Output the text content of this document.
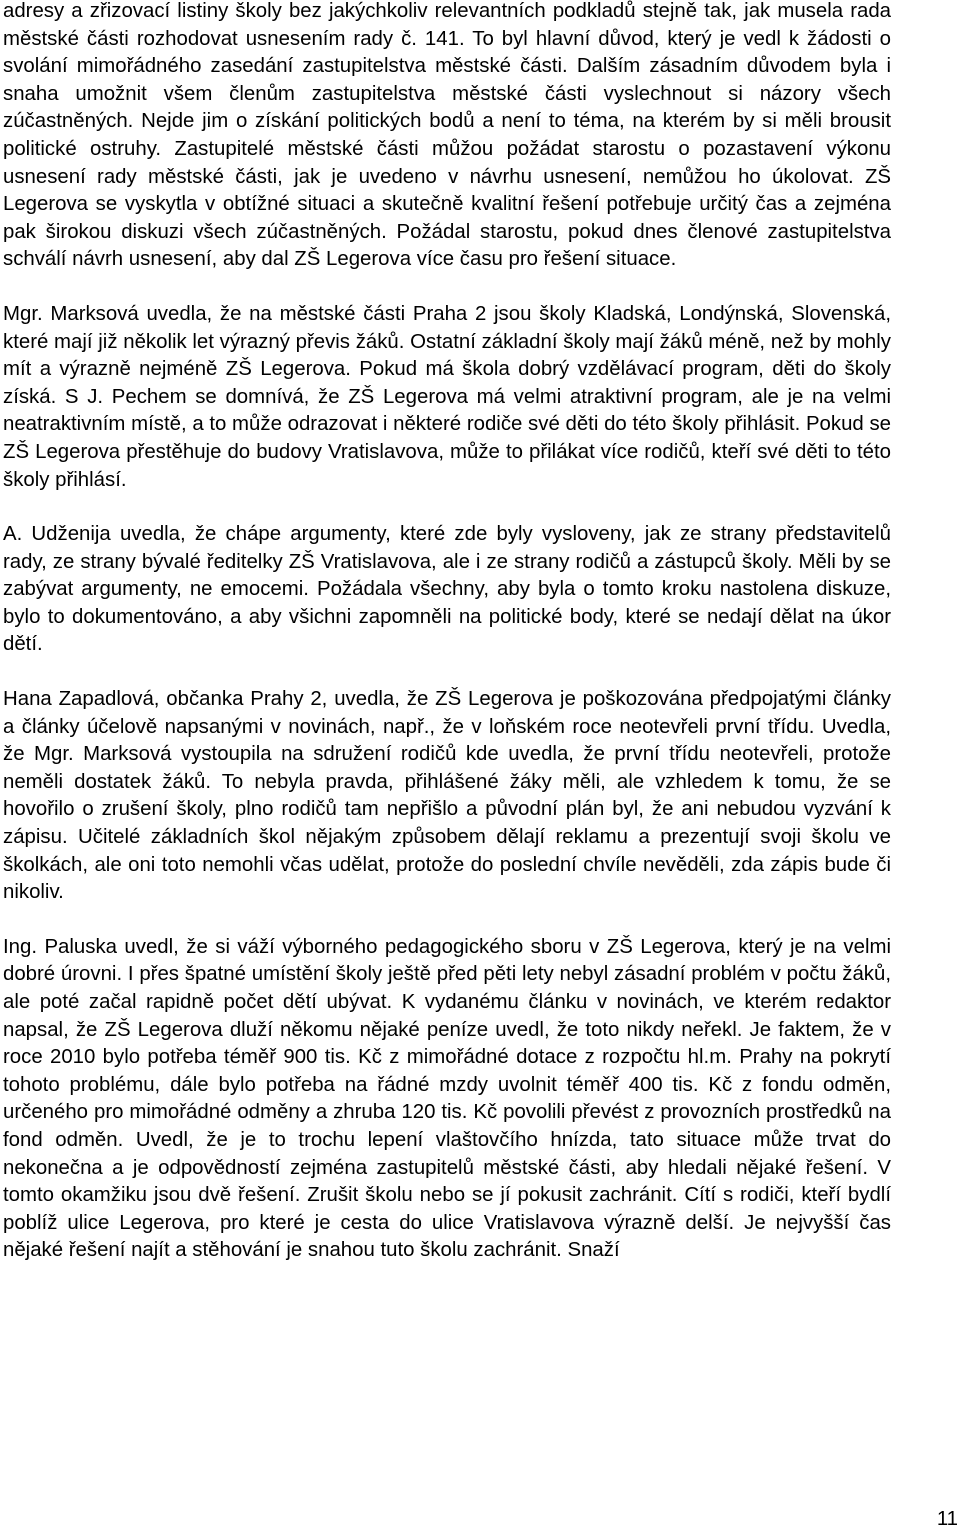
adresy a zřizovací listiny školy bez jakýchkoliv relevantních podkladů stejně tak, jak musela rada městské části rozhodovat usnesením rady č. 141. To byl hlavní důvod, který je vedl k žádosti o svolání mimořádného zasedání zastupitelstva městské části. Dalším zásadním důvodem byla i snaha umožnit všem členům zastupitelstva městské části vyslechnout si názory všech zúčastněných. Nejde jim o získání politických bodů a není to téma, na kterém by si měli brousit politické ostruhy. Zastupitelé městské části můžou požádat starostu o pozastavení výkonu usnesení rady městské části, jak je uvedeno v návrhu usnesení, nemůžou ho úkolovat. ZŠ Legerova se vyskytla v obtížné situaci a skutečně kvalitní řešení potřebuje určitý čas a zejména pak širokou diskuzi všech zúčastněných. Požádal starostu, pokud dnes členové zastupitelstva schválí návrh usnesení, aby dal ZŠ Legerova více času pro řešení situace.

Mgr. Marksová uvedla, že na městské části Praha 2 jsou školy Kladská, Londýnská, Slovenská, které mají již několik let výrazný převis žáků. Ostatní základní školy mají žáků méně, než by mohly mít a výrazně nejméně ZŠ Legerova. Pokud má škola dobrý vzdělávací program, děti do školy získá. S J. Pechem se domnívá, že ZŠ Legerova má velmi atraktivní program, ale je na velmi neatraktivním místě, a to může odrazovat i některé rodiče své děti do této školy přihlásit. Pokud se ZŠ Legerova přestěhuje do budovy Vratislavova, může to přilákat více rodičů, kteří své děti to této školy přihlásí.

A. Udženija uvedla, že chápe argumenty, které zde byly vysloveny, jak ze strany představitelů rady, ze strany bývalé ředitelky ZŠ Vratislavova, ale i ze strany rodičů a zástupců školy. Měli by se zabývat argumenty, ne emocemi. Požádala všechny, aby byla o tomto kroku nastolena diskuze, bylo to dokumentováno, a aby všichni zapomněli na politické body, které se nedají dělat na úkor dětí.

Hana Zapadlová, občanka Prahy 2, uvedla, že ZŠ Legerova je poškozována předpojatými články a články účelově napsanými v novinách, např., že v loňském roce neotevřeli první třídu. Uvedla, že Mgr. Marksová vystoupila na sdružení rodičů kde uvedla, že první třídu neotevřeli, protože neměli dostatek žáků. To nebyla pravda, přihlášené žáky měli, ale vzhledem k tomu, že se hovořilo o zrušení školy, plno rodičů tam nepřišlo a původní plán byl, že ani nebudou vyzvání k zápisu. Učitelé základních škol nějakým způsobem dělají reklamu a prezentují svoji školu ve školkách, ale oni toto nemohli včas udělat, protože do poslední chvíle nevěděli, zda zápis bude či nikoliv.

Ing. Paluska uvedl, že si váží výborného pedagogického sboru v ZŠ Legerova, který je na velmi dobré úrovni. I přes špatné umístění školy ještě před pěti lety nebyl zásadní problém v počtu žáků, ale poté začal rapidně počet dětí ubývat. K vydanému článku v novinách, ve kterém redaktor napsal, že ZŠ Legerova dluží někomu nějaké peníze uvedl, že toto nikdy neřekl. Je faktem, že v roce 2010 bylo potřeba téměř 900 tis. Kč z mimořádné dotace z rozpočtu hl.m. Prahy na pokrytí tohoto problému, dále bylo potřeba na řádné mzdy uvolnit téměř 400 tis. Kč z fondu odměn, určeného pro mimořádné odměny a zhruba 120 tis. Kč povolili převést z provozních prostředků na fond odměn. Uvedl, že je to trochu lepení vlaštovčího hnízda, tato situace může trvat do nekonečna a je odpovědností zejména zastupitelů městské části, aby hledali nějaké řešení. V tomto okamžiku jsou dvě řešení. Zrušit školu nebo se jí pokusit zachránit. Cítí s rodiči, kteří bydlí poblíž ulice Legerova, pro které je cesta do ulice Vratislavova výrazně delší. Je nejvyšší čas nějaké řešení najít a stěhování je snahou tuto školu zachránit. Snaží

11
